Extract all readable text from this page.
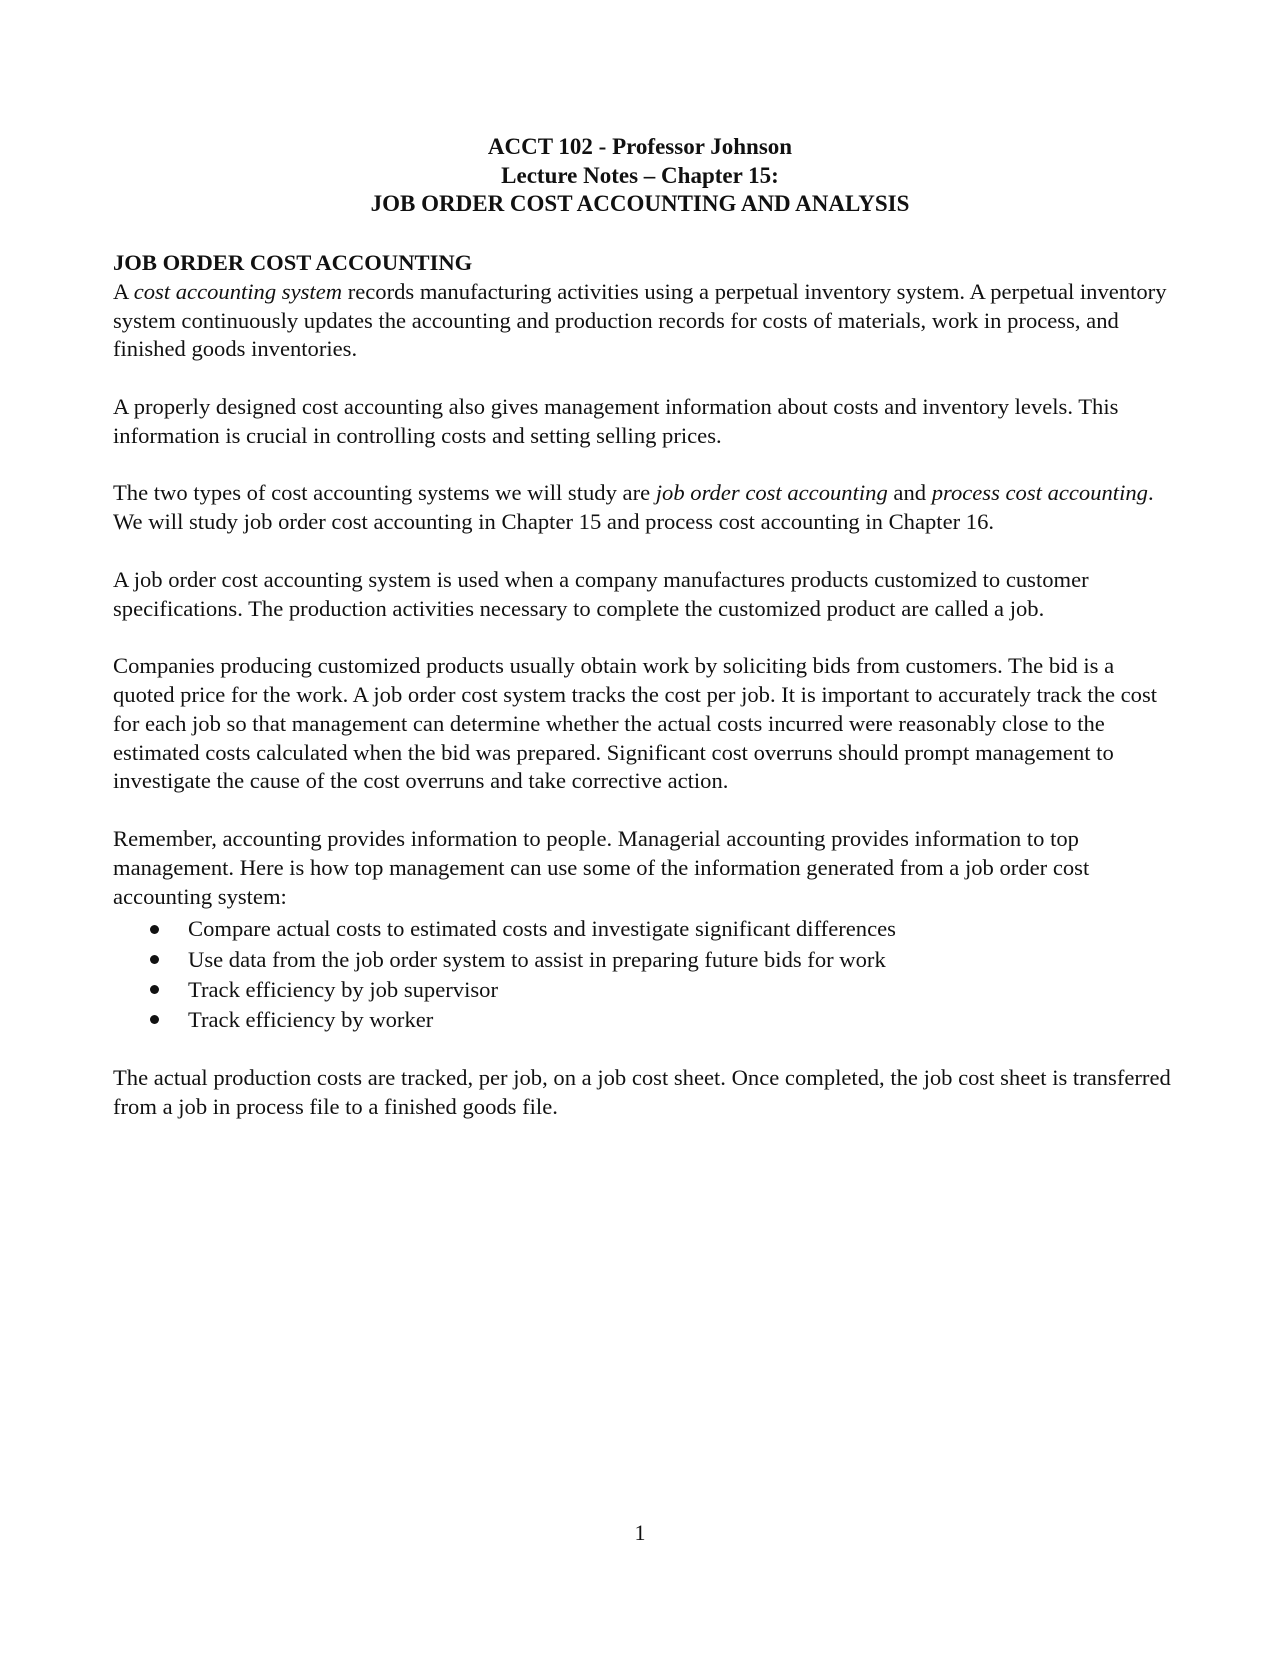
ACCT 102 - Professor Johnson
Lecture Notes – Chapter 15:
JOB ORDER COST ACCOUNTING AND ANALYSIS
JOB ORDER COST ACCOUNTING

A cost accounting system records manufacturing activities using a perpetual inventory system. A perpetual inventory system continuously updates the accounting and production records for costs of materials, work in process, and finished goods inventories.

A properly designed cost accounting also gives management information about costs and inventory levels. This information is crucial in controlling costs and setting selling prices.

The two types of cost accounting systems we will study are job order cost accounting and process cost accounting. We will study job order cost accounting in Chapter 15 and process cost accounting in Chapter 16.

A job order cost accounting system is used when a company manufactures products customized to customer specifications. The production activities necessary to complete the customized product are called a job.

Companies producing customized products usually obtain work by soliciting bids from customers. The bid is a quoted price for the work. A job order cost system tracks the cost per job. It is important to accurately track the cost for each job so that management can determine whether the actual costs incurred were reasonably close to the estimated costs calculated when the bid was prepared. Significant cost overruns should prompt management to investigate the cause of the cost overruns and take corrective action.

Remember, accounting provides information to people. Managerial accounting provides information to top management. Here is how top management can use some of the information generated from a job order cost accounting system:

Compare actual costs to estimated costs and investigate significant differences
Use data from the job order system to assist in preparing future bids for work
Track efficiency by job supervisor
Track efficiency by worker

The actual production costs are tracked, per job, on a job cost sheet. Once completed, the job cost sheet is transferred from a job in process file to a finished goods file.

1
